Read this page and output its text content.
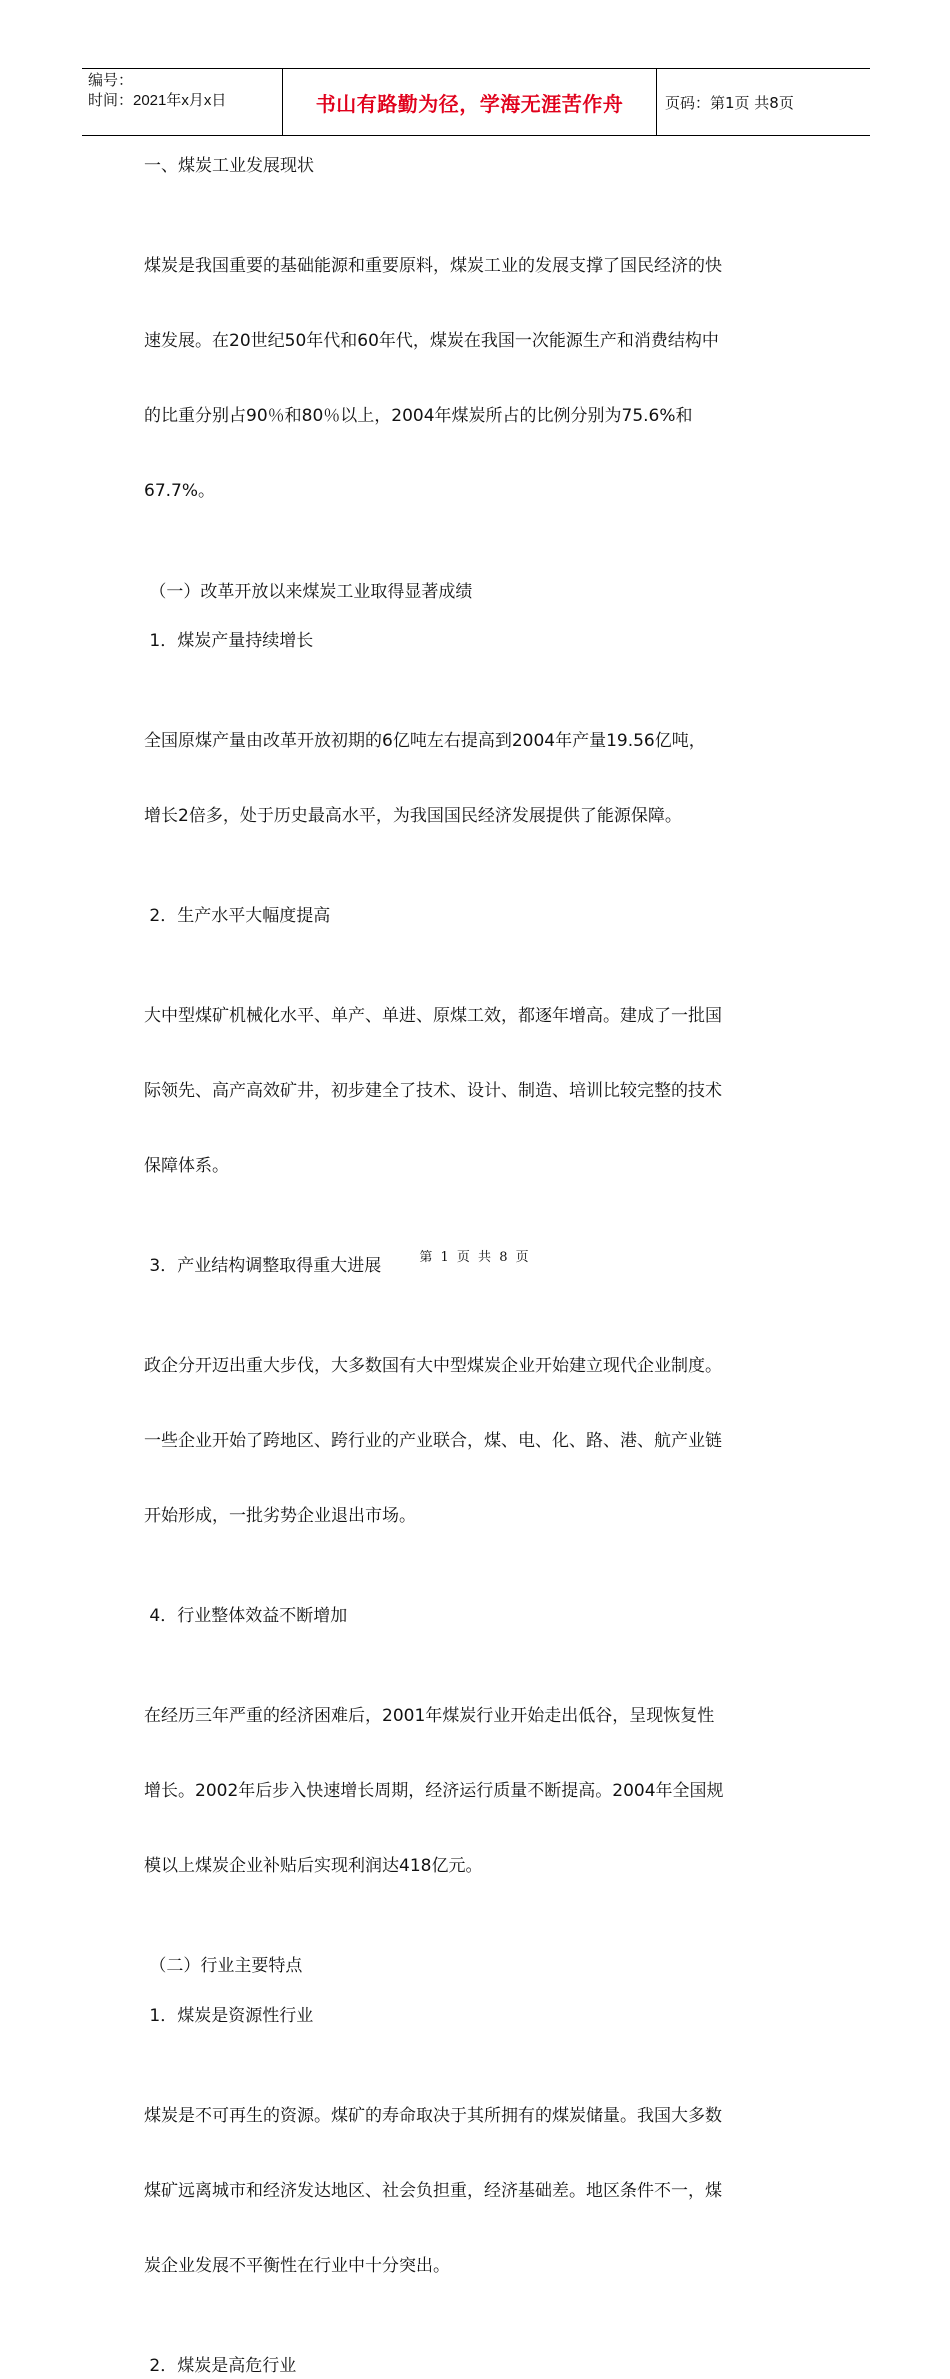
编号：
时间：2021年x月x日	书山有路勤为径，学海无涯苦作舟	页码：第1页 共8页

一、煤炭工业发展现状

煤炭是我国重要的基础能源和重要原料，煤炭工业的发展支撑了国民经济的快

速发展。在20世纪50年代和60年代，煤炭在我国一次能源生产和消费结构中

的比重分别占90％和80％以上，2004年煤炭所占的比例分别为75.6%和

67.7%。

（一）改革开放以来煤炭工业取得显著成绩

1．煤炭产量持续增长

全国原煤产量由改革开放初期的6亿吨左右提高到2004年产量19.56亿吨，

增长2倍多，处于历史最高水平，为我国国民经济发展提供了能源保障。

2．生产水平大幅度提高

大中型煤矿机械化水平、单产、单进、原煤工效，都逐年增高。建成了一批国

际领先、高产高效矿井，初步建全了技术、设计、制造、培训比较完整的技术

保障体系。

3．产业结构调整取得重大进展

政企分开迈出重大步伐，大多数国有大中型煤炭企业开始建立现代企业制度。

一些企业开始了跨地区、跨行业的产业联合，煤、电、化、路、港、航产业链

开始形成，一批劣势企业退出市场。

4．行业整体效益不断增加

在经历三年严重的经济困难后，2001年煤炭行业开始走出低谷，呈现恢复性

增长。2002年后步入快速增长周期，经济运行质量不断提高。2004年全国规

模以上煤炭企业补贴后实现利润达418亿元。

（二）行业主要特点

1．煤炭是资源性行业

煤炭是不可再生的资源。煤矿的寿命取决于其所拥有的煤炭储量。我国大多数

煤矿远离城市和经济发达地区、社会负担重，经济基础差。地区条件不一，煤

炭企业发展不平衡性在行业中十分突出。

2．煤炭是高危行业

第 1 页 共 8 页
